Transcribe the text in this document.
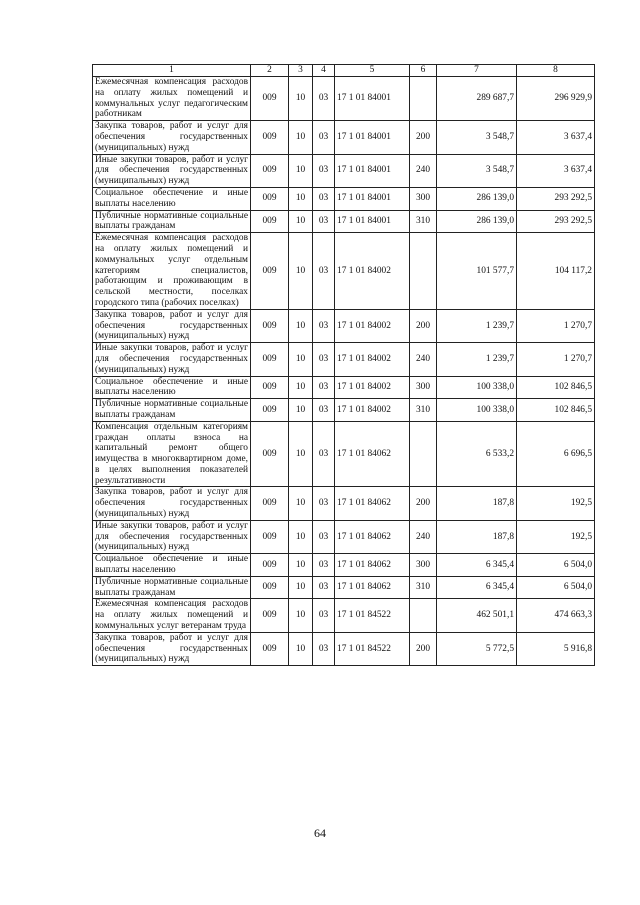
1	2	3	4	5	6	7	8
Ежемесячная компенсация расходов на оплату жилых помещений и коммунальных услуг педагогическим работникам	009	10	03	17 1 01 84001		289 687,7	296 929,9
Закупка товаров, работ и услуг для обеспечения государственных (муниципальных) нужд	009	10	03	17 1 01 84001	200	3 548,7	3 637,4
Иные закупки товаров, работ и услуг для обеспечения государственных (муниципальных) нужд	009	10	03	17 1 01 84001	240	3 548,7	3 637,4
Социальное обеспечение и иные выплаты населению	009	10	03	17 1 01 84001	300	286 139,0	293 292,5
Публичные нормативные социальные выплаты гражданам	009	10	03	17 1 01 84001	310	286 139,0	293 292,5
Ежемесячная компенсация расходов на оплату жилых помещений и коммунальных услуг отдельным категориям специалистов, работающим и проживающим в сельской местности, поселках городского типа (рабочих поселках)	009	10	03	17 1 01 84002		101 577,7	104 117,2
Закупка товаров, работ и услуг для обеспечения государственных (муниципальных) нужд	009	10	03	17 1 01 84002	200	1 239,7	1 270,7
Иные закупки товаров, работ и услуг для обеспечения государственных (муниципальных) нужд	009	10	03	17 1 01 84002	240	1 239,7	1 270,7
Социальное обеспечение и иные выплаты населению	009	10	03	17 1 01 84002	300	100 338,0	102 846,5
Публичные нормативные социальные выплаты гражданам	009	10	03	17 1 01 84002	310	100 338,0	102 846,5
Компенсация отдельным категориям граждан оплаты взноса на капитальный ремонт общего имущества в многоквартирном доме, в целях выполнения показателей результативности	009	10	03	17 1 01 84062		6 533,2	6 696,5
Закупка товаров, работ и услуг для обеспечения государственных (муниципальных) нужд	009	10	03	17 1 01 84062	200	187,8	192,5
Иные закупки товаров, работ и услуг для обеспечения государственных (муниципальных) нужд	009	10	03	17 1 01 84062	240	187,8	192,5
Социальное обеспечение и иные выплаты населению	009	10	03	17 1 01 84062	300	6 345,4	6 504,0
Публичные нормативные социальные выплаты гражданам	009	10	03	17 1 01 84062	310	6 345,4	6 504,0
Ежемесячная компенсация расходов на оплату жилых помещений и коммунальных услуг ветеранам труда	009	10	03	17 1 01 84522		462 501,1	474 663,3
Закупка товаров, работ и услуг для обеспечения государственных (муниципальных) нужд	009	10	03	17 1 01 84522	200	5 772,5	5 916,8
64
